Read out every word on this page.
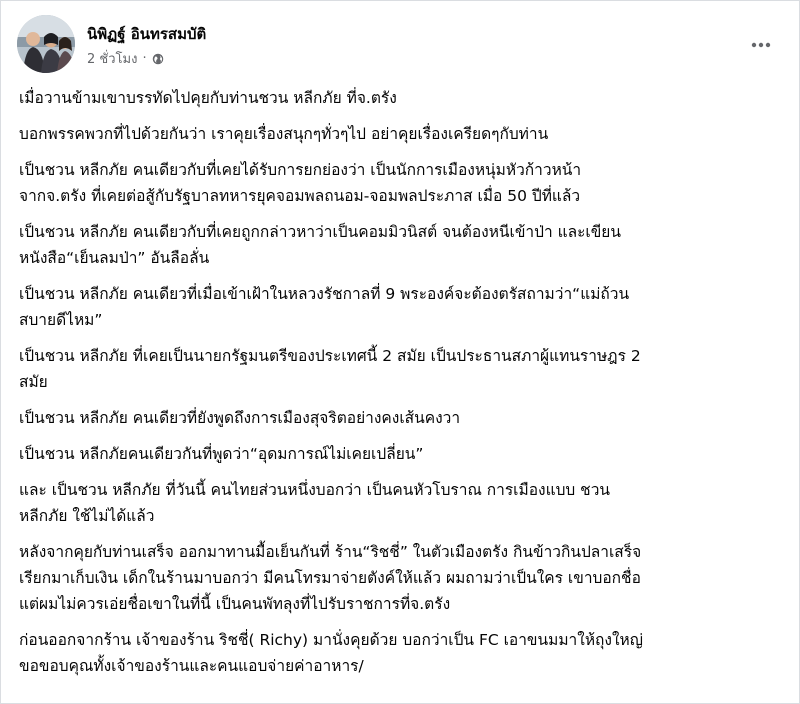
นิพิฏฐ์ อินทรสมบัติ
2 ชั่วโมง ·

เมื่อวานข้ามเขาบรรทัดไปคุยกับท่านชวน หลีกภัย ที่จ.ตรัง

บอกพรรคพวกที่ไปด้วยกันว่า เราคุยเรื่องสนุกๆทั่วๆไป อย่าคุยเรื่องเครียดๆกับท่าน

เป็นชวน หลีกภัย คนเดียวกับที่เคยได้รับการยกย่องว่า เป็นนักการเมืองหนุ่มหัวก้าวหน้า
จากจ.ตรัง ที่เคยต่อสู้กับรัฐบาลทหารยุคจอมพลถนอม-จอมพลประภาส เมื่อ 50 ปีที่แล้ว

เป็นชวน หลีกภัย คนเดียวกับที่เคยถูกกล่าวหาว่าเป็นคอมมิวนิสต์ จนต้องหนีเข้าป่า และเขียน
หนังสือ“เย็นลมป่า” อันลือลั่น

เป็นชวน หลีกภัย คนเดียวที่เมื่อเข้าเฝ้าในหลวงรัชกาลที่ 9 พระองค์จะต้องตรัสถามว่า“แม่ถ้วน
สบายดีไหม”

เป็นชวน หลีกภัย ที่เคยเป็นนายกรัฐมนตรีของประเทศนี้ 2 สมัย เป็นประธานสภาผู้แทนราษฎร 2
สมัย

เป็นชวน หลีกภัย คนเดียวที่ยังพูดถึงการเมืองสุจริตอย่างคงเส้นคงวา

เป็นชวน หลีกภัยคนเดียวกันที่พูดว่า“อุดมการณ์ไม่เคยเปลี่ยน”

และ เป็นชวน หลีกภัย ที่วันนี้ คนไทยส่วนหนึ่งบอกว่า เป็นคนหัวโบราณ การเมืองแบบ ชวน
หลีกภัย ใช้ไม่ได้แล้ว

หลังจากคุยกับท่านเสร็จ ออกมาทานมื้อเย็นกันที่ ร้าน“ริชชี่” ในตัวเมืองตรัง กินข้าวกินปลาเสร็จ
เรียกมาเก็บเงิน เด็กในร้านมาบอกว่า มีคนโทรมาจ่ายตังค์ให้แล้ว ผมถามว่าเป็นใคร เขาบอกชื่อ
แต่ผมไม่ควรเอ่ยชื่อเขาในที่นี้ เป็นคนพัทลุงที่ไปรับราชการที่จ.ตรัง

ก่อนออกจากร้าน เจ้าของร้าน ริชชี่( Richy) มานั่งคุยด้วย บอกว่าเป็น FC เอาขนมมาให้ถุงใหญ่
ขอขอบคุณทั้งเจ้าของร้านและคนแอบจ่ายค่าอาหาร/
